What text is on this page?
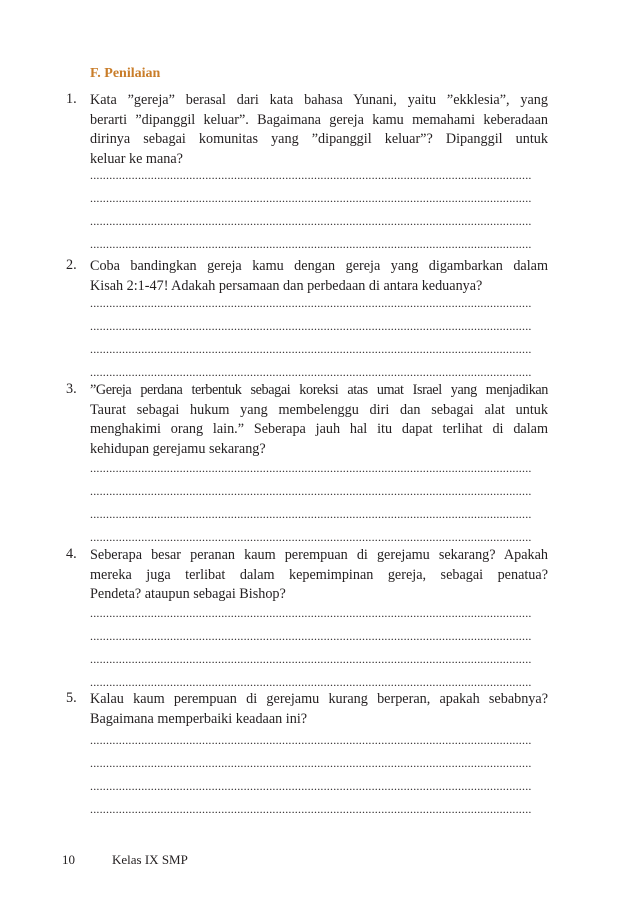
F. Penilaian
1. Kata ”gereja” berasal dari kata bahasa Yunani, yaitu ”ekklesia”, yang
berarti ”dipanggil keluar”. Bagaimana gereja kamu memahami keberadaan
dirinya sebagai komunitas yang ”dipanggil keluar”? Dipanggil untuk
keluar ke mana?
..........................................................................................................................................
..........................................................................................................................................
..........................................................................................................................................
..........................................................................................................................................
2. Coba bandingkan gereja kamu dengan gereja yang digambarkan dalam
Kisah 2:1-47! Adakah persamaan dan perbedaan di antara keduanya?
..........................................................................................................................................
..........................................................................................................................................
..........................................................................................................................................
..........................................................................................................................................
3. ”Gereja perdana terbentuk sebagai koreksi atas umat Israel yang menjadikan
Taurat sebagai hukum yang membelenggu diri dan sebagai alat untuk
menghakimi orang lain.” Seberapa jauh hal itu dapat terlihat di dalam
kehidupan gerejamu sekarang?
..........................................................................................................................................
..........................................................................................................................................
..........................................................................................................................................
..........................................................................................................................................
4. Seberapa besar peranan kaum perempuan di gerejamu sekarang? Apakah
mereka juga terlibat dalam kepemimpinan gereja, sebagai penatua?
Pendeta? ataupun sebagai Bishop?
..........................................................................................................................................
..........................................................................................................................................
..........................................................................................................................................
..........................................................................................................................................
5. Kalau kaum perempuan di gerejamu kurang berperan, apakah sebabnya?
Bagaimana memperbaiki keadaan ini?
..........................................................................................................................................
..........................................................................................................................................
..........................................................................................................................................
..........................................................................................................................................
10	Kelas IX SMP
